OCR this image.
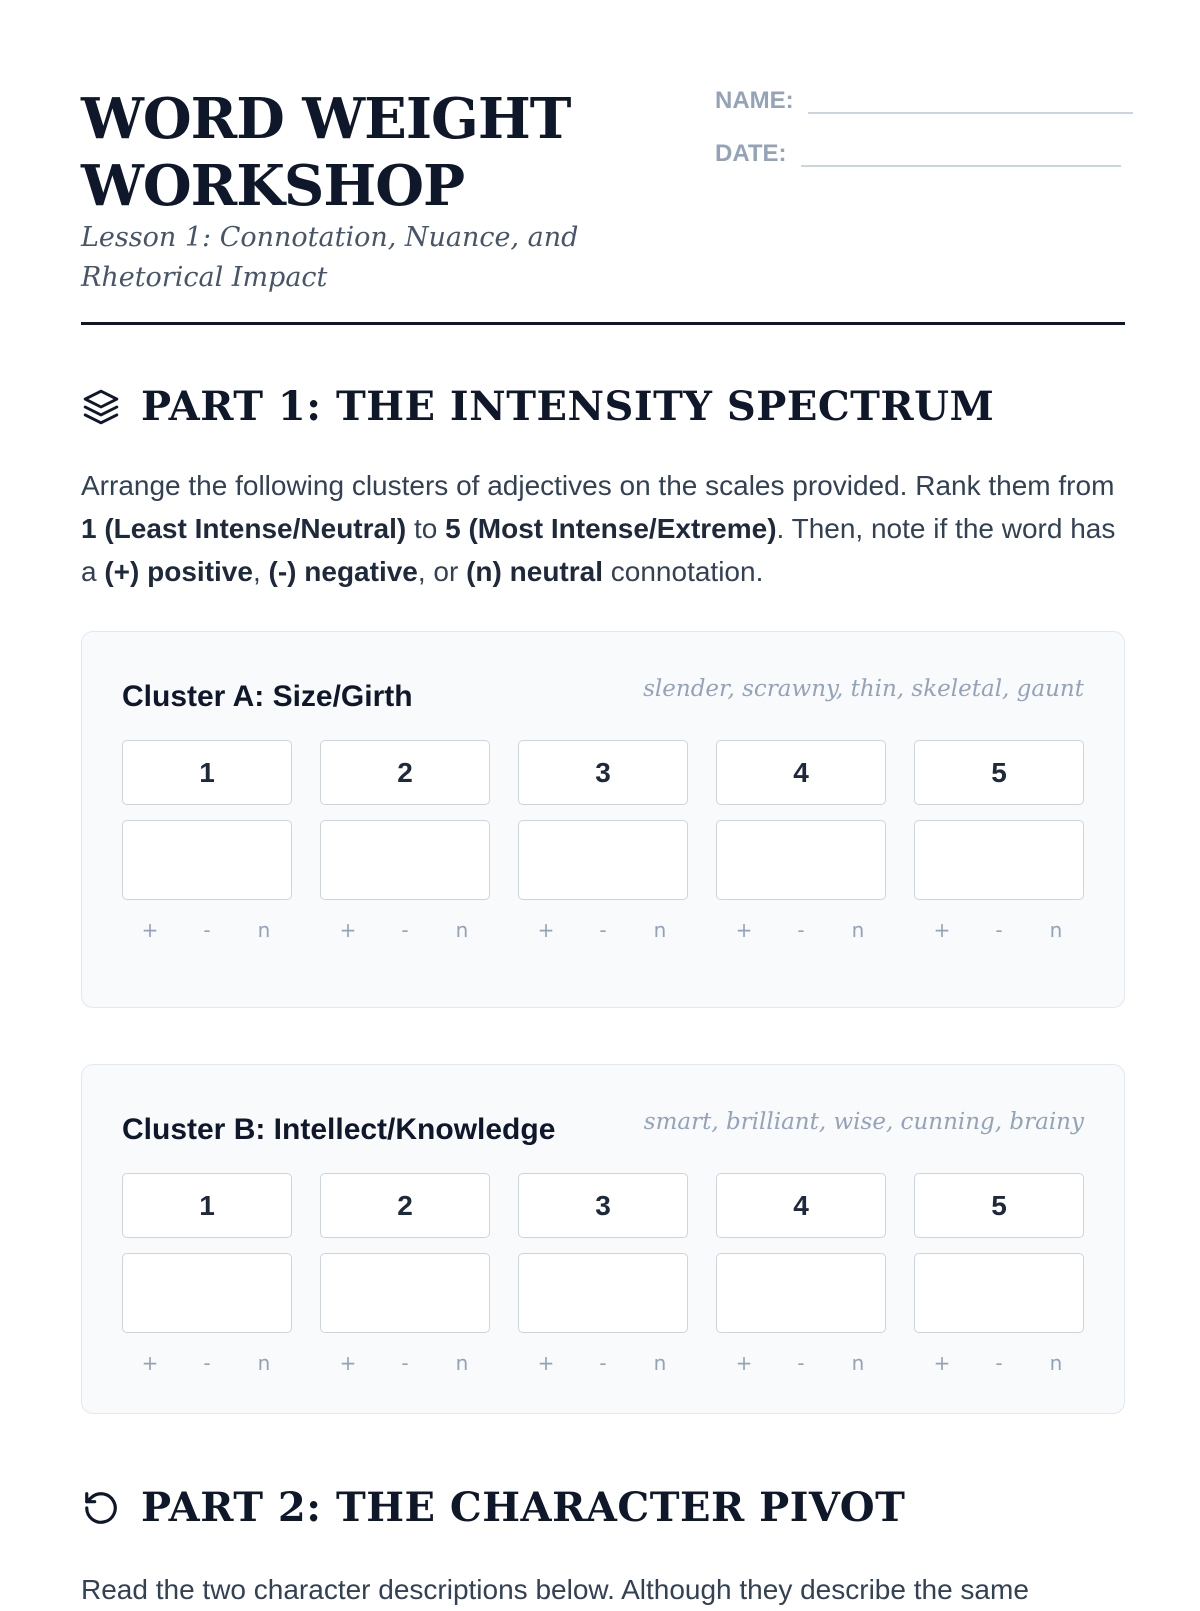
WORD WEIGHT
WORKSHOP

Lesson 1: Connotation, Nuance, and Rhetorical Impact

NAME:
DATE:
PART 1: THE INTENSITY SPECTRUM

Arrange the following clusters of adjectives on the scales provided. Rank them from 1 (Least Intense/Neutral) to 5 (Most Intense/Extreme). Then, note if the word has a (+) positive, (-) negative, or (n) neutral connotation.

Cluster A: Size/Girth	slender, scrawny, thin, skeletal, gaunt
1
+	-	n
2
+	-	n
3
+	-	n
4
+	-	n
5
+	-	n
Cluster B: Intellect/Knowledge	smart, brilliant, wise, cunning, brainy
1
+	-	n
2
+	-	n
3
+	-	n
4
+	-	n
5
+	-	n
PART 2: THE CHARACTER PIVOT

Read the two character descriptions below. Although they describe the same
